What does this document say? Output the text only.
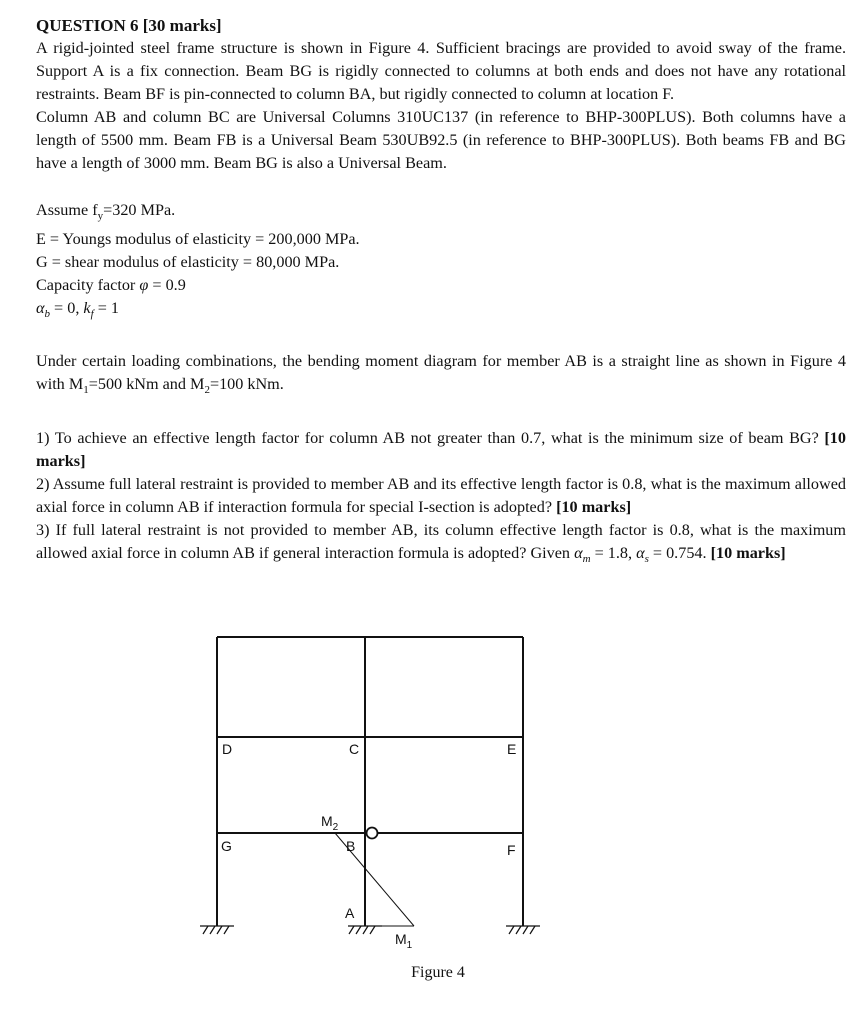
QUESTION 6 [30 marks]

A rigid-jointed steel frame structure is shown in Figure 4. Sufficient bracings are provided to avoid sway of the frame. Support A is a fix connection. Beam BG is rigidly connected to columns at both ends and does not have any rotational restraints. Beam BF is pin-connected to column BA, but rigidly connected to column at location F.

Column AB and column BC are Universal Columns 310UC137 (in reference to BHP-300PLUS). Both columns have a length of 5500 mm. Beam FB is a Universal Beam 530UB92.5 (in reference to BHP-300PLUS). Both beams FB and BG have a length of 3000 mm. Beam BG is also a Universal Beam.

Assume $f_y=320$ MPa.

E = Youngs modulus of elasticity = 200,000 MPa.

G = shear modulus of elasticity = 80,000 MPa.

Capacity factor φ = 0.9

$\alpha_b = 0$, $k_f = 1$

Under certain loading combinations, the bending moment diagram for member AB is a straight line as shown in Figure 4 with $M_1=500$ kNm and $M_2=100$ kNm.

1) To achieve an effective length factor for column AB not greater than 0.7, what is the minimum size of beam BG? [10 marks]

2) Assume full lateral restraint is provided to member AB and its effective length factor is 0.8, what is the maximum allowed axial force in column AB if interaction formula for special I-section is adopted? [10 marks]

3) If full lateral restraint is not provided to member AB, its column effective length factor is 0.8, what is the maximum allowed axial force in column AB if general interaction formula is adopted? Given $\alpha_m = 1.8$, $\alpha_s = 0.754$. [10 marks]

D	C	E
G	B	F
A
$M_2$
$M_1$
Figure 4
